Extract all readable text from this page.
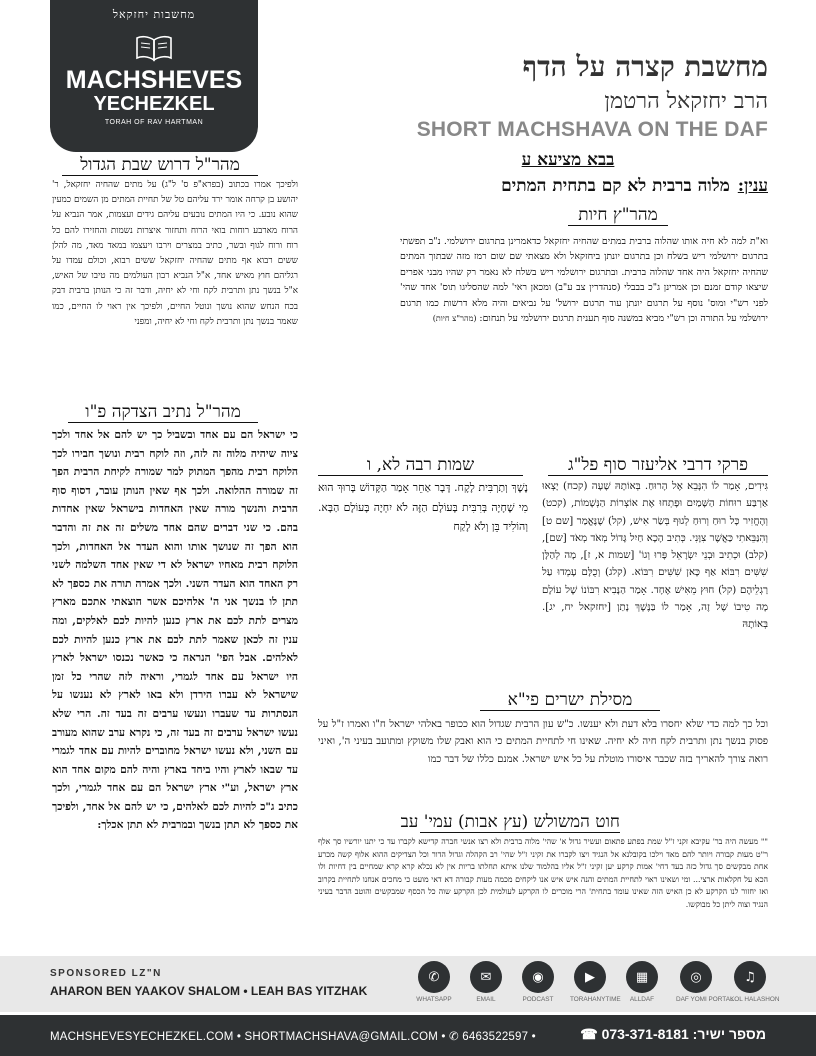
מחשבות יחזקאל
MACHSHEVES
YECHEZKEL
TORAH OF RAV HARTMAN
מחשבת קצרה על הדף
הרב יחזקאל הרטמן
SHORT MACHSHAVA ON THE DAF
בבא מציעא ע
ענין:מלוה ברבית לא קם בתחית המתים
מהר"ץ חיות
וא"ת למה לא חיה אותו שהלוה ברבית במתים שהחיה יחזקאל כדאמרינן בתרגום ירושלמי. נ"ב תפשתי בתרגום ירושלמי ריש בשלח וכן בתרגום יונתן ביחזקאל ולא מצאתי שם שום רמז מזה שבתוך המתים שהחיה יחזקאל היה אחד שהלוה ברבית. ובתרגום ירושלמי ריש בשלח לא נאמר רק שהיו מבני אפרים שיצאו קודם זמנם וכן אמרינן ג"כ בבבלי (סנהדרין צב ע"ב) ומכאן ראי' למה שהסליגו תוס' אחד שהי' לפני רש"י ומוס' נוסף על תרגום יונתן עוד תרגום ירושל' על נביאים והיה מלא דרשות כמו תרגום ירושלמי על התורה וכן רש"י מביא במשנה סוף תענית תרגום ירושלמי על תנחום: (מהר"צ חיות)
פרקי דרבי אליעזר סוף פל"ג
גִּידִים, אָמַר לוֹ הִנָּבֵא אֶל הָרוּחַ. בְּאוֹתָהּ שָׁעָה (קכח) יָצְאוּ אַרְבַּע רוּחוֹת הַשָּׁמַיִם וּפָתְחוּ אֶת אוֹצְרוֹת הַנְּשָׁמוֹת, (קכט) וְהֶחֱזִיר כָּל רוּחַ וְרוּחַ לְגוּף בְּשַׂר אִישׁ, (קל) שֶׁנֶּאֱמַר [שם ט] וְהִנַּבֵּאתִי כַּאֲשֶׁר צִוָּנִי. כְּתִיב הָכָא חַיִל גָּדוֹל מְאֹד מְאֹד [שם], (קלב) וּכְתִיב וּבְנֵי יִשְׂרָאֵל פָּרוּ וְגוֹ' [שמות א, ז], מָה לְהַלָּן שִׁשִּׁים רִבּוֹא אַף כָּאן שִׁשִּׁים רִבּוֹא. (קלג) וְכֻלָּם עָמְדוּ עַל רַגְלֵיהֶם (קל) חוּץ מֵאִישׁ אֶחָד. אָמַר הַנָּבִיא רִבּוֹנוֹ שֶׁל עוֹלָם מָה טִיבוֹ שֶׁל זֶה, אָמַר לוֹ בַּנֶּשֶׁךְ נָתַן [יחזקאל יח, יג]. בְּאוֹתָהּ
שמות רבה לא, ו
נֶשֶׁךְ וְתַרְבִּית לָקָח. דָּבָר אַחֵר אָמַר הַקָּדוֹשׁ בָּרוּךְ הוּא מִי שֶׁחָיָה בְּרִבִּית בָּעוֹלָם הַזֶּה לֹא יִחְיֶה בָּעוֹלָם הַבָּא. וְהוֹלִיד בֵּן וְלֹא לָקַח
מסילת ישרים פי"א
וכל כך למה כדי שלא יחסרו בלא דעת ולא יענשו. כ"ש עון הרבית שגדול הוא ככופר באלהי ישראל ח"ו ואמרו ז"ל על פסוק בנשך נתן ותרבית לקח חיה לא יחיה. שאינו חי לתחיית המתים כי הוא ואבק שלו משוקץ ומתועב בעיני ה', ואיני רואה צורך להאריך בזה שכבר איסורו מוטלת על כל איש ישראל. אמנם כללו של דבר כמו
חוט המשולש (עץ אבות) עמי' עב
"" מעשה היה בר' עקיבא זקני ז"ל שמת בפתע פתאום ועשיר גדול א' שהי' מלוה ברבית ולא רצו אנשי חברה קדישא לקברו עד כי יתנו יורשיו סך אלף ר"ט מעות קבורה ויותר להם מאד וילכו בקובלנא אל הנגיד ויצו לקברו את זקיני ז"ל שהי' רב הקהלה וגדול הדור וכל הצדיקים ההוא אלוף קשה מכרע אחת מבקשים סך גדול כזה בעד דחי' אמות קרקע יען זקיני ז"ל אליו בהלמוד שלנו איתא תחלתו בריות אין לא נכלא קרא קרא שמחיים בין דחיות ולו הכא על חקלאות ארצי... ומי ושאינו ראוי לתחיית המתים והנה איש איש אנו ליקחים מכמה מעות קבורה דא דאי מועט כי מחכים אנחנו לתחיית בקרוב ואז יחזור לנו הקרקע לא כן האיש הזה שאינו עומד בתחית' הרי מוכרים לו הקרקע לעולמית לכן הקרקע שוה כל הכסף שמבקשים והוטב הדבר בעיני הנגיד וצוה ליתן כל מבוקשו.
מהר"ל דרוש שבת הגדול
ולפיכך אמרו בכתוב (בפרא"פ ס' ל"ג) על מתים שהחיה יחזקאל, ר' יהושע בן קרחה אומר ירד עליהם טל של תחיית המתים מן השמים כמעין שהוא נובע. כי היו המתים נובעים עליהם גידים ועצמות, אמר הנביא על הרוח מארבע רוחות בואי הרוח ותחזור איצרות נשמות והחזירו להם כל רוח ורוח לגוף ובשר, כתיב במצרים וירבו ויעצמו במאד מאד, מה להלן ששים רבוא אף מתים שהחיה יחזקאל ששים רבוא, וכולם עמדו על רגליהם חוץ מאיש אחד, א"ל הנביא רבון העולמים מה טיבו של האיש, א"ל בנשך נתן ותרבית לקח וחי לא יחיה, ודבר זה כי הנותן ברבית דבק בכח הנחש שהוא נושך ונוטל החיים, ולפיכך אין ראוי לו החיים, כמו שאמר בנשך נתן ותרבית לקח וחי לא יחיה, ומפני
מהר"ל נתיב הצדקה פ"ו
כי ישראל הם עם אחד ובשביל כך יש להם אל אחד ולכך ציוה שיהיה מלוה זה לזה, וזה לוקח רבית ונושך חבירו לכך הלוקח רבית מהפך המתוק למר שמורה לקיחת הרבית הפך זה שמורה ההלואה. ולכך אף שאין הנותן עובר, דסוף סוף הרבית והנשך מורה שאין האחדות בישראל שאין אחדות בהם. כי שני דברים שהם אחד משלים זה את זה והדבר הוא הפך זה שנושך אותו והוא העדר אל האחדות, ולכך הלוקח רבית מאחיו ישראל לא די שאין אחד השלמה לשני רק האחד הוא העדר השני. ולכך אמרה תורה את כספך לא תתן לו בנשך אני ה' אלהיכם אשר הוצאתי אתכם מארץ מצרים לתת לכם את ארץ כנען להיות לכם לאלקים, ומה ענין זה לכאן שאמר לתת לכם את ארץ כנען להיות לכם לאלהים. אבל הפי' הנראה כי כאשר נכנסו ישראל לארץ היו ישראל עם אחד לגמרי, וראיה לזה שהרי כל זמן שישראל לא עברו הירדן ולא באו לארץ לא נענשו על הנסתרות עד שעברו ונעשו ערבים זה בעד זה. הרי שלא נעשו ישראל ערבים זה בעד זה, כי נקרא ערב שהוא מעורב עם השני, ולא נעשו ישראל מחוברים להיות עם אחד לגמרי עד שבאו לארץ והיו ביחד בארץ והיה להם מקום אחד הוא ארץ ישראל, וע"י ארץ ישראל הם עם אחד לגמרי, ולכך כתיב ג"כ להיות לכם לאלהים, כי יש להם אל אחד, ולפיכך את כספך לא תתן בנשך ובמרבית לא תתן אכלך:
SPONSORED LZ"N
AHARON BEN YAAKOV SHALOM • LEAH BAS YITZHAK
✆
WHATSAPP
✉
EMAIL
◉
PODCAST
▶
TORAHANYTIME
▦
ALLDAF
◎
DAF YOMI PORTAL
♫
KOL HALASHON
MACHSHEVESYECHEZKEL.COM • SHORTMACHSHAVA@GMAIL.COM • ✆ 6463522597 •	מספר ישיר: 073-371-8181 ☎
